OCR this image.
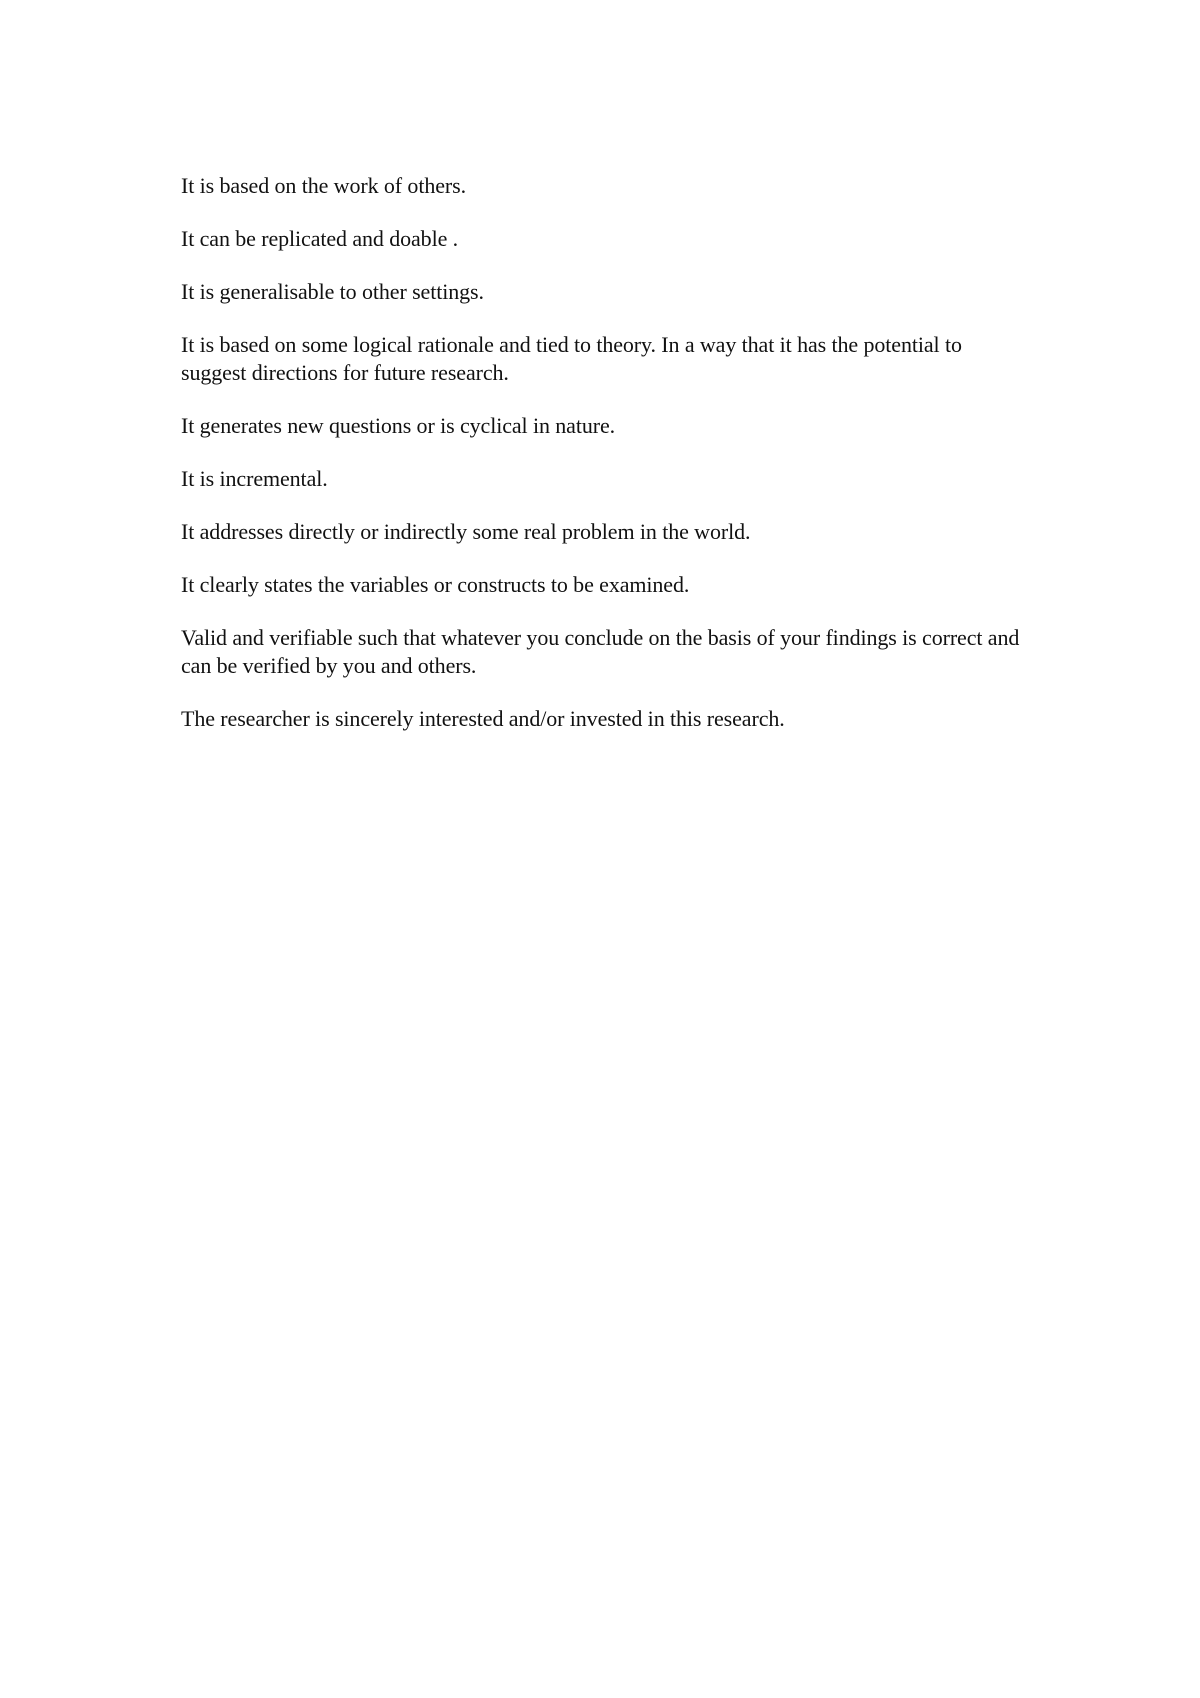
It is based on the work of others.

It can be replicated and doable .

It is generalisable to other settings.

It is based on some logical rationale and tied to theory. In a way that it has the potential to suggest directions for future research.

It generates new questions or is cyclical in nature.

It is incremental.

It addresses directly or indirectly some real problem in the world.

It clearly states the variables or constructs to be examined.

Valid and verifiable such that whatever you conclude on the basis of your findings is correct and can be verified by you and others.

The researcher is sincerely interested and/or invested in this research.
